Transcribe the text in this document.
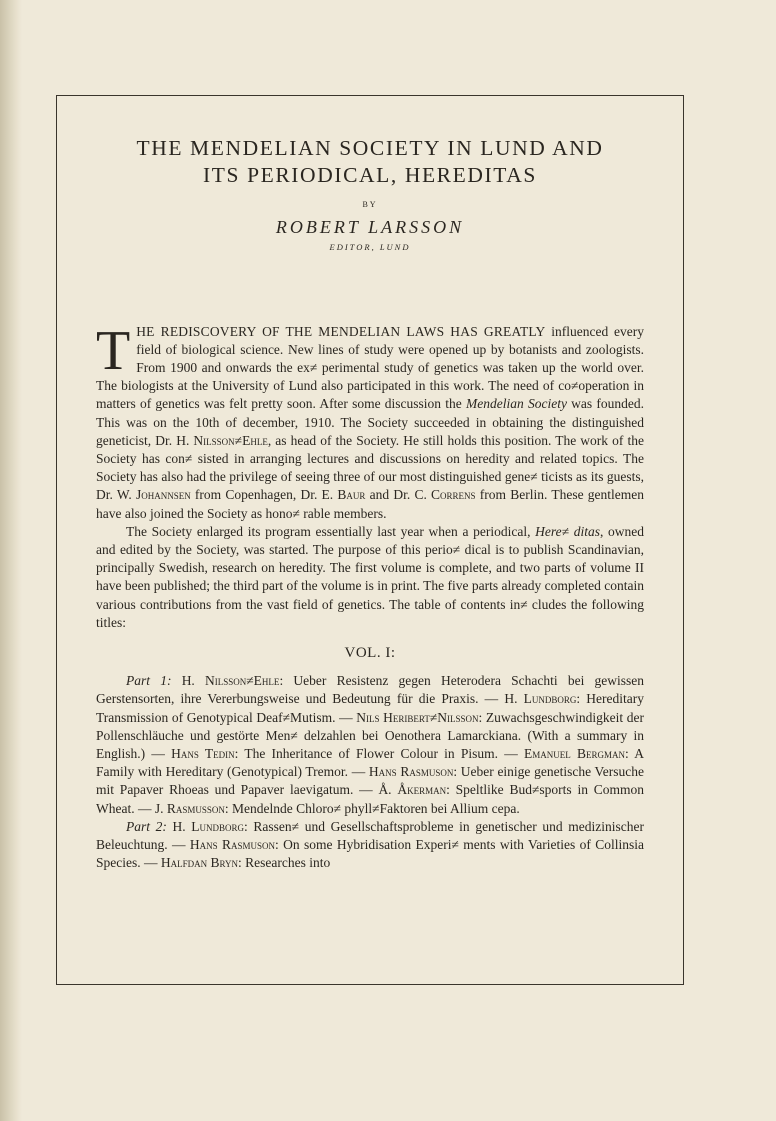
THE MENDELIAN SOCIETY IN LUND AND
ITS PERIODICAL, HEREDITAS
BY
ROBERT LARSSON
EDITOR, LUND

THE REDISCOVERY OF THE MENDELIAN LAWS HAS GREATLY influenced every field of biological science. New lines of study were opened up by botanists and zoologists. From 1900 and onwards the ex≠ perimental study of genetics was taken up the world over. The biologists at the University of Lund also participated in this work. The need of co≠operation in matters of genetics was felt pretty soon. After some discussion the Mendelian Society was founded. This was on the 10th of december, 1910. The Society succeeded in obtaining the distinguished geneticist, Dr. H. Nilsson≠Ehle, as head of the Society. He still holds this position. The work of the Society has con≠ sisted in arranging lectures and discussions on heredity and related topics. The Society has also had the privilege of seeing three of our most distinguished gene≠ ticists as its guests, Dr. W. Johannsen from Copenhagen, Dr. E. Baur and Dr. C. Correns from Berlin. These gentlemen have also joined the Society as hono≠ rable members.

The Society enlarged its program essentially last year when a periodical, Here≠ ditas, owned and edited by the Society, was started. The purpose of this perio≠ dical is to publish Scandinavian, principally Swedish, research on heredity. The first volume is complete, and two parts of volume II have been published; the third part of the volume is in print. The five parts already completed contain various contributions from the vast field of genetics. The table of contents in≠ cludes the following titles:

VOL. I:

Part 1: H. Nilsson≠Ehle: Ueber Resistenz gegen Heterodera Schachti bei gewissen Gerstensorten, ihre Vererbungsweise und Bedeutung für die Praxis. — H. Lundborg: Hereditary Transmission of Genotypical Deaf≠Mutism. — Nils Heribert≠Nilsson: Zuwachsgeschwindigkeit der Pollenschläuche und gestörte Men≠ delzahlen bei Oenothera Lamarckiana. (With a summary in English.) — Hans Tedin: The Inheritance of Flower Colour in Pisum. — Emanuel Bergman: A Family with Hereditary (Genotypical) Tremor. — Hans Rasmuson: Ueber einige genetische Versuche mit Papaver Rhoeas und Papaver laevigatum. — Å. Åkerman: Speltlike Bud≠sports in Common Wheat. — J. Rasmusson: Mendelnde Chloro≠ phyll≠Faktoren bei Allium cepa.

Part 2: H. Lundborg: Rassen≠ und Gesellschaftsprobleme in genetischer und medizinischer Beleuchtung. — Hans Rasmuson: On some Hybridisation Experi≠ ments with Varieties of Collinsia Species. — Halfdan Bryn: Researches into
